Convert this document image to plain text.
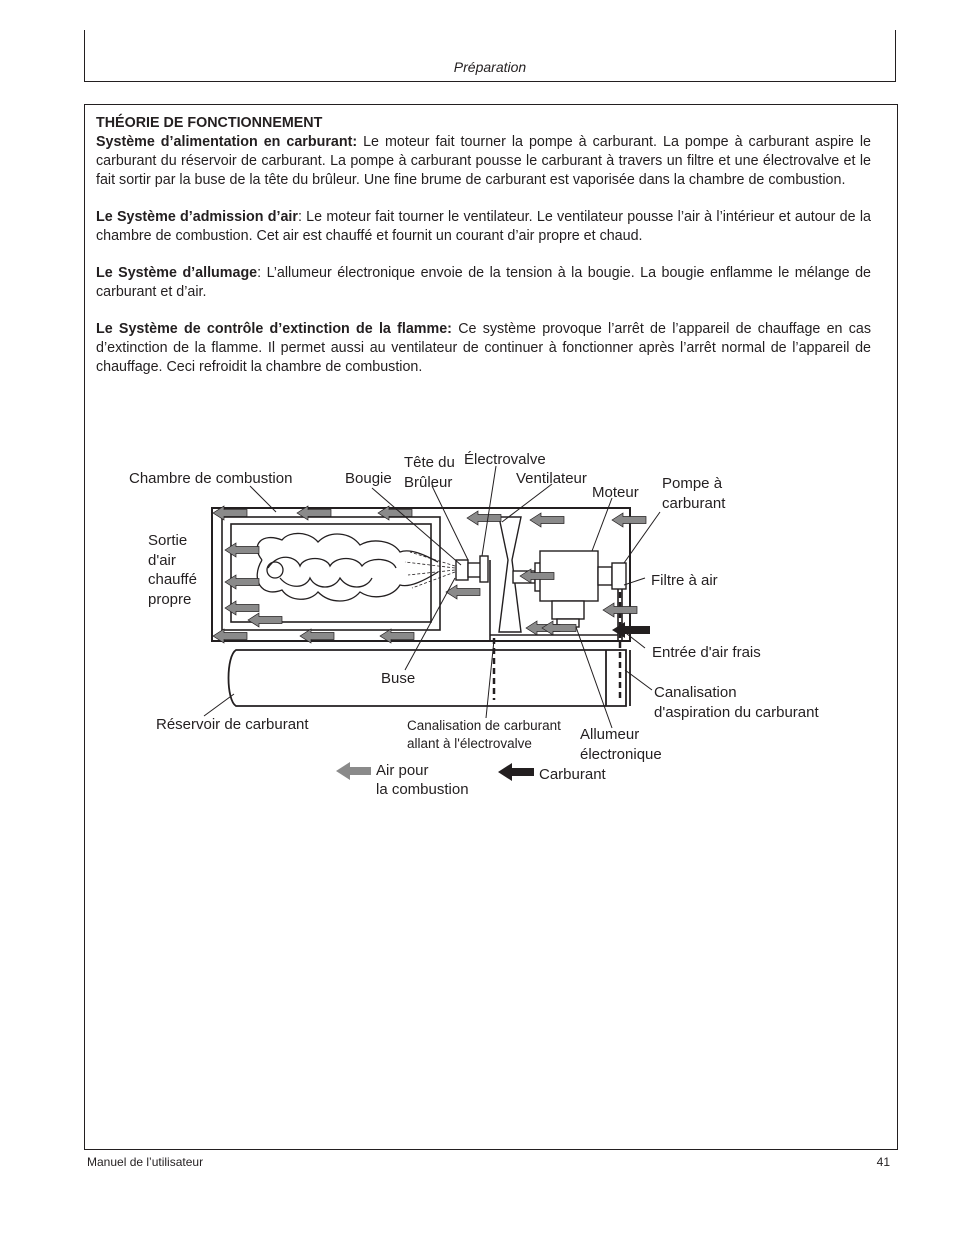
Préparation
THÉORIE DE FONCTIONNEMENT

Système d’alimentation en carburant: Le moteur fait tourner la pompe à carburant. La pompe à carburant aspire le carburant du réservoir de carburant. La pompe à carburant pousse le carburant à travers un filtre et une électrovalve et le fait sortir par la buse de la tête du brûleur. Une fine brume de carburant est vaporisée dans la chambre de combustion.

Le Système d’admission d’air: Le moteur fait tourner le ventilateur. Le ventilateur pousse l’air à l’intérieur et autour de la chambre de combustion. Cet air est chauffé et fournit un courant d’air propre et chaud.

Le Système d’allumage: L’allumeur électronique envoie de la tension à la bougie. La bougie enflamme le mélange de carburant et d’air.

Le Système de contrôle d’extinction de la flamme: Ce système provoque l’arrêt de l’appareil de chauffage en cas d’extinction de la flamme. Il permet aussi au ventilateur de continuer à fonctionner après l’arrêt normal de l’appareil de chauffage. Ceci refroidit la chambre de combustion.

Chambre de combustion	Bougie
Tête du
Brûleur
Électrovalve
Ventilateur
Moteur
Pompe à
carburant
Sortie
d'air
chauffé
propre
Filtre à air
Entrée d'air frais
Buse
Canalisation
d'aspiration du carburant
Réservoir de carburant	Canalisation de carburant
allant à l'électrovalve
Allumeur
électronique
Air pour
la combustion
Carburant
Manuel de l’utilisateur	41
